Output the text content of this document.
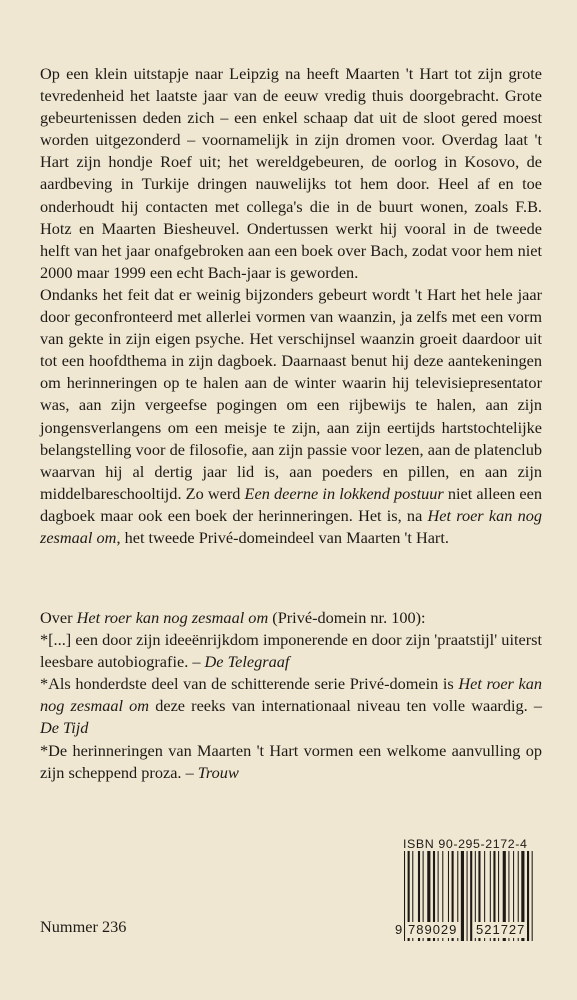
Op een klein uitstapje naar Leipzig na heeft Maarten 't Hart tot zijn grote tevredenheid het laatste jaar van de eeuw vredig thuis doorgebracht. Grote gebeurtenissen deden zich – een enkel schaap dat uit de sloot gered moest worden uitgezonderd – voornamelijk in zijn dromen voor. Overdag laat 't Hart zijn hondje Roef uit; het wereldgebeuren, de oorlog in Kosovo, de aardbeving in Turkije dringen nauwelijks tot hem door. Heel af en toe onderhoudt hij contacten met collega's die in de buurt wonen, zoals F.B. Hotz en Maarten Biesheuvel. Ondertussen werkt hij vooral in de tweede helft van het jaar onafgebroken aan een boek over Bach, zodat voor hem niet 2000 maar 1999 een echt Bach-jaar is geworden.

Ondanks het feit dat er weinig bijzonders gebeurt wordt 't Hart het hele jaar door geconfronteerd met allerlei vormen van waanzin, ja zelfs met een vorm van gekte in zijn eigen psyche. Het verschijnsel waanzin groeit daardoor uit tot een hoofdthema in zijn dagboek. Daarnaast benut hij deze aantekeningen om herinneringen op te halen aan de winter waarin hij televisiepresentator was, aan zijn vergeefse pogingen om een rijbewijs te halen, aan zijn jongensverlangens om een meisje te zijn, aan zijn eertijds hartstochtelijke belangstelling voor de filosofie, aan zijn passie voor lezen, aan de platenclub waarvan hij al dertig jaar lid is, aan poeders en pillen, en aan zijn middelbareschooltijd. Zo werd Een deerne in lokkend postuur niet alleen een dagboek maar ook een boek der herinneringen. Het is, na Het roer kan nog zesmaal om, het tweede Privé-domeindeel van Maarten 't Hart.

Over Het roer kan nog zesmaal om (Privé-domein nr. 100):

*[...] een door zijn ideeënrijkdom imponerende en door zijn 'praatstijl' uiterst leesbare autobiografie. – De Telegraaf

*Als honderdste deel van de schitterende serie Privé-domein is Het roer kan nog zesmaal om deze reeks van internationaal niveau ten volle waardig. – De Tijd

*De herinneringen van Maarten 't Hart vormen een welkome aanvulling op zijn scheppend proza. – Trouw

ISBN 90-295-2172-4
9 789029 521727
Nummer 236
